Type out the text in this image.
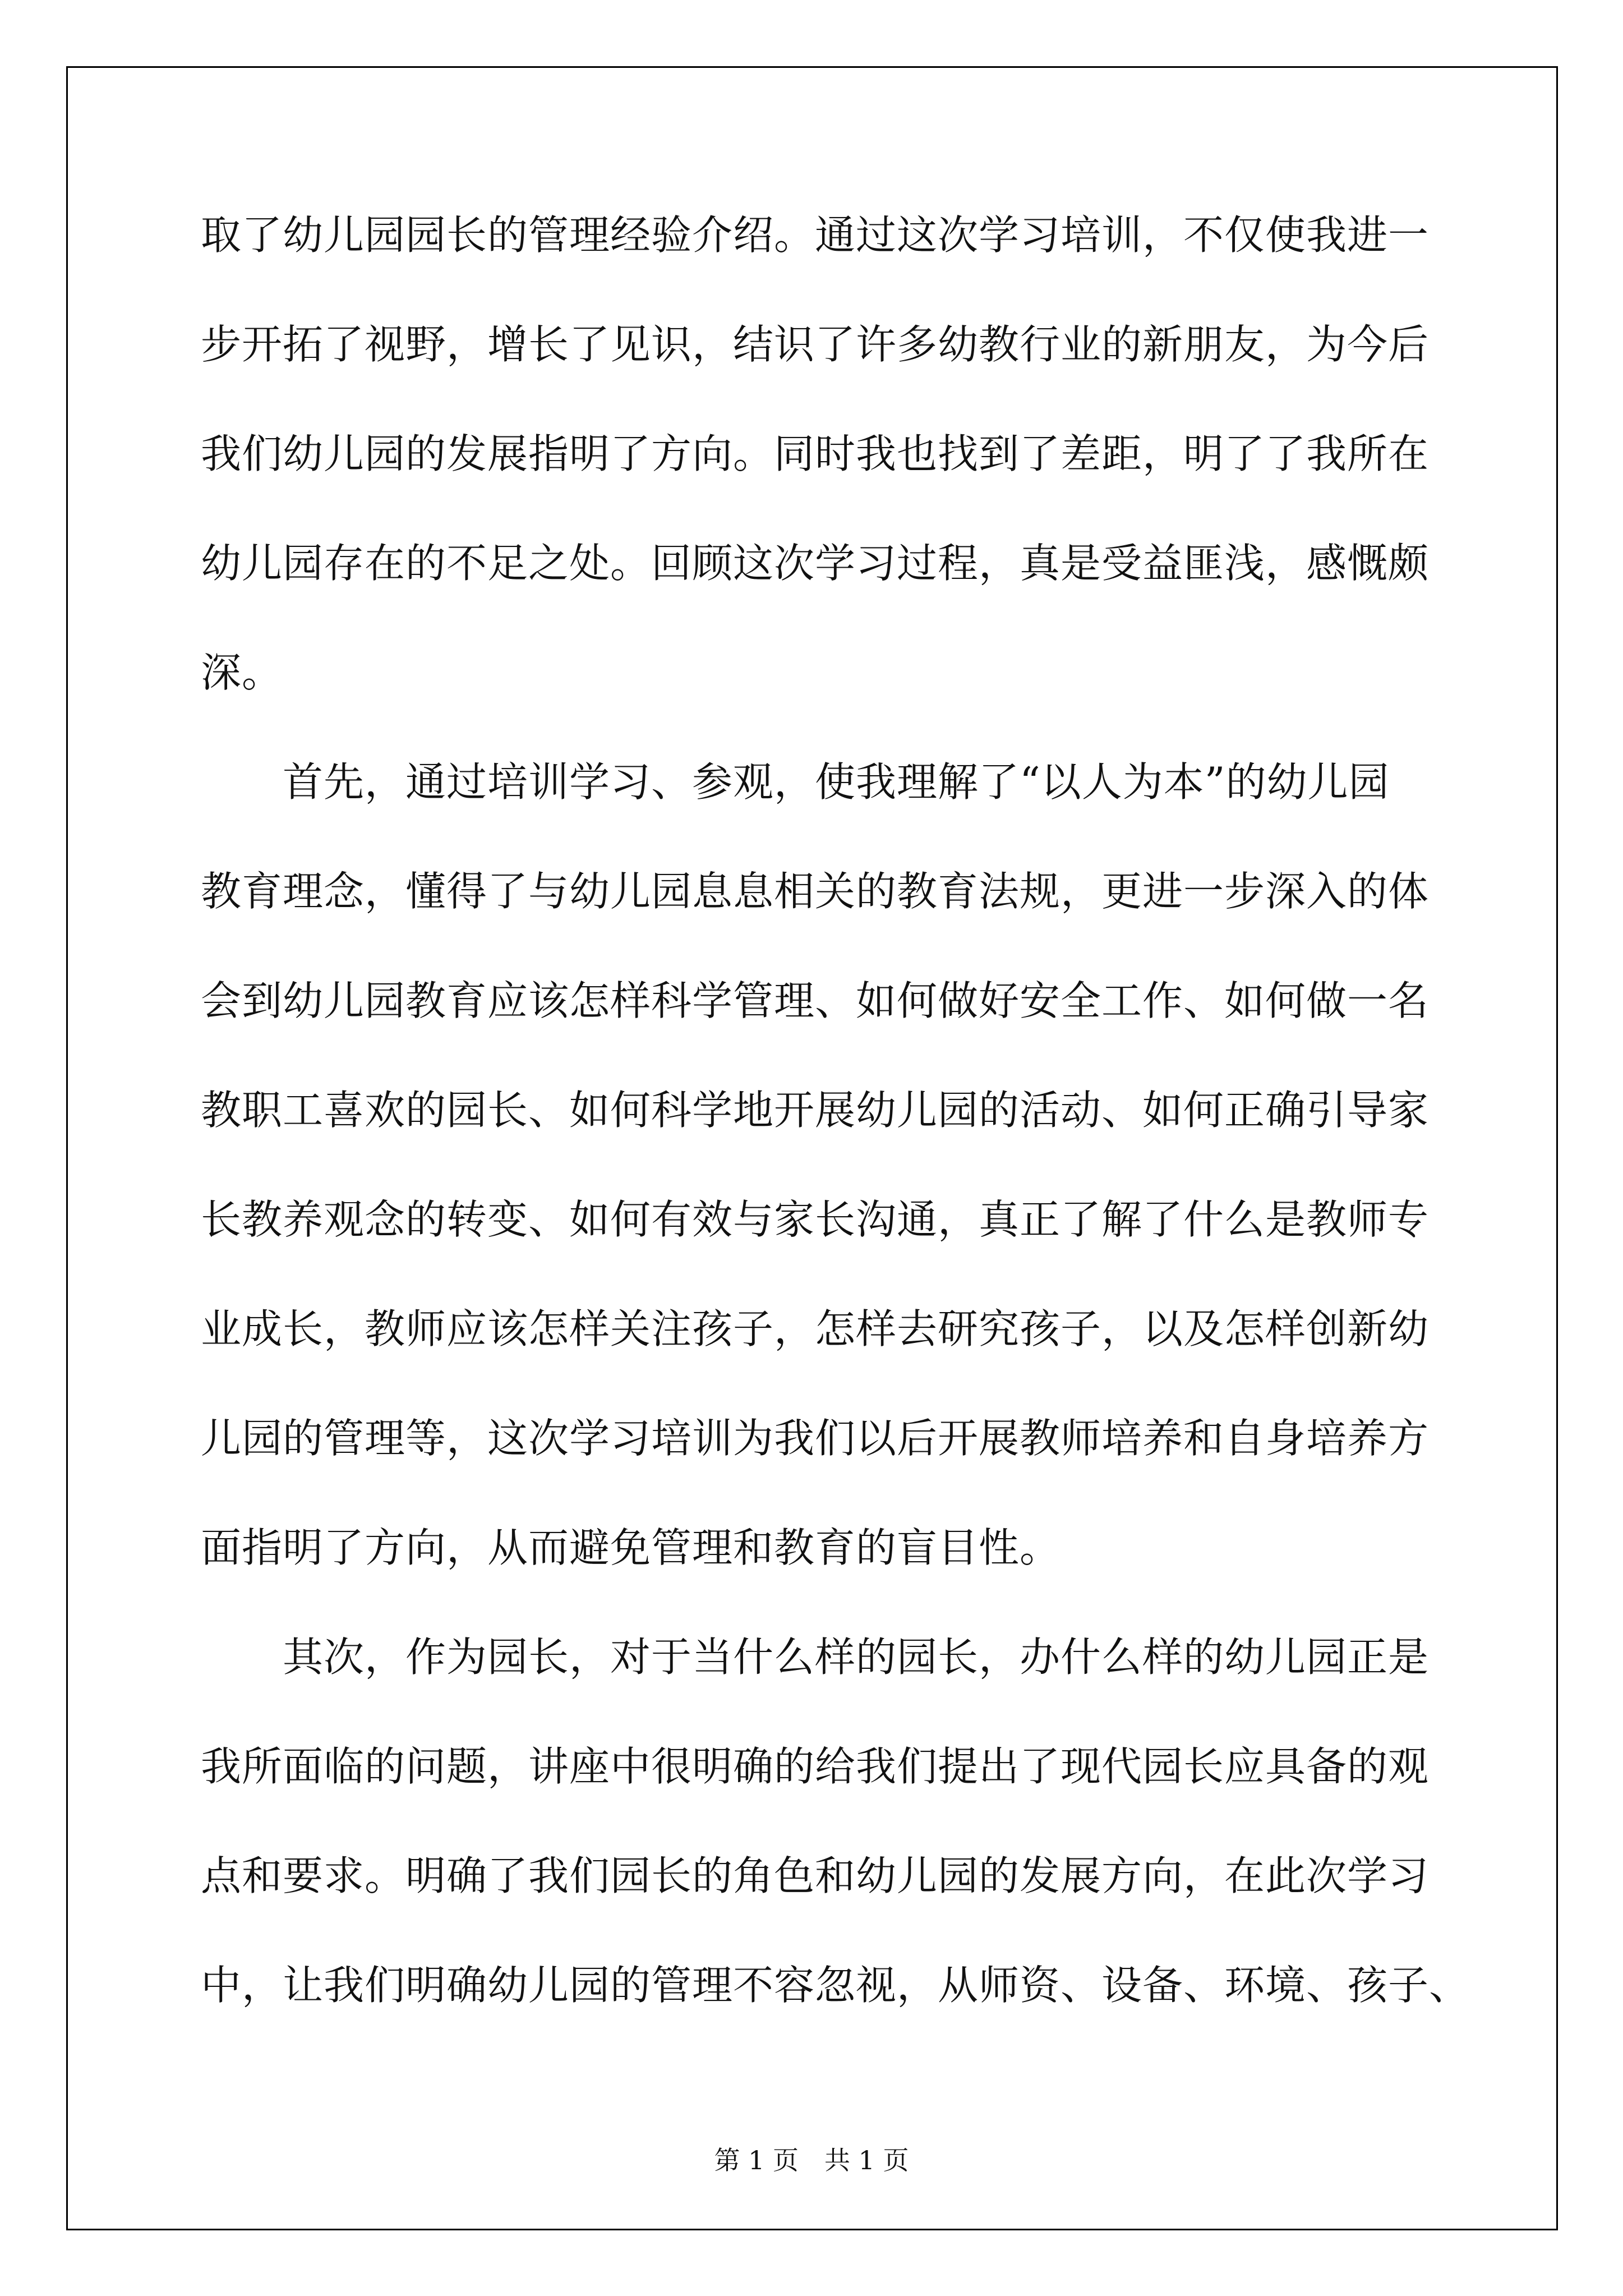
取了幼儿园园长的管理经验介绍。通过这次学习培训，不仅使我进一
步开拓了视野，增长了见识，结识了许多幼教行业的新朋友，为今后
我们幼儿园的发展指明了方向。同时我也找到了差距，明了了我所在
幼儿园存在的不足之处。回顾这次学习过程，真是受益匪浅，感慨颇
深。
首先，通过培训学习、参观，使我理解了“以人为本”的幼儿园
教育理念，懂得了与幼儿园息息相关的教育法规，更进一步深入的体
会到幼儿园教育应该怎样科学管理、如何做好安全工作、如何做一名
教职工喜欢的园长、如何科学地开展幼儿园的活动、如何正确引导家
长教养观念的转变、如何有效与家长沟通，真正了解了什么是教师专
业成长，教师应该怎样关注孩子，怎样去研究孩子，以及怎样创新幼
儿园的管理等，这次学习培训为我们以后开展教师培养和自身培养方
面指明了方向，从而避免管理和教育的盲目性。
其次，作为园长，对于当什么样的园长，办什么样的幼儿园正是
我所面临的问题，讲座中很明确的给我们提出了现代园长应具备的观
点和要求。明确了我们园长的角色和幼儿园的发展方向，在此次学习
中，让我们明确幼儿园的管理不容忽视，从师资、设备、环境、孩子、
第 1 页　共 1 页
